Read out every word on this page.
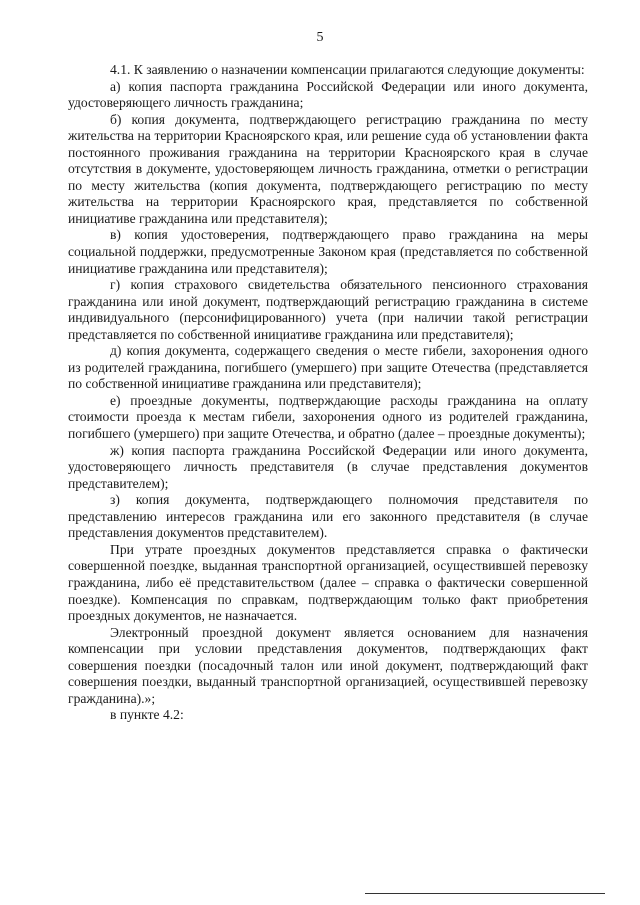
5

4.1. К заявлению о назначении компенсации прилагаются следующие документы:

а) копия паспорта гражданина Российской Федерации или иного документа, удостоверяющего личность гражданина;

б) копия документа, подтверждающего регистрацию гражданина по месту жительства на территории Красноярского края, или решение суда об установлении факта постоянного проживания гражданина на территории Красноярского края в случае отсутствия в документе, удостоверяющем личность гражданина, отметки о регистрации по месту жительства (копия документа, подтверждающего регистрацию по месту жительства на территории Красноярского края, представляется по собственной инициативе гражданина или представителя);

в) копия удостоверения, подтверждающего право гражданина на меры социальной поддержки, предусмотренные Законом края (представляется по собственной инициативе гражданина или представителя);

г) копия страхового свидетельства обязательного пенсионного страхования гражданина или иной документ, подтверждающий регистрацию гражданина в системе индивидуального (персонифицированного) учета (при наличии такой регистрации представляется по собственной инициативе гражданина или представителя);

д) копия документа, содержащего сведения о месте гибели, захоронения одного из родителей гражданина, погибшего (умершего) при защите Отечества (представляется по собственной инициативе гражданина или представителя);

е) проездные документы, подтверждающие расходы гражданина на оплату стоимости проезда к местам гибели, захоронения одного из родителей гражданина, погибшего (умершего) при защите Отечества, и обратно (далее – проездные документы);

ж) копия паспорта гражданина Российской Федерации или иного документа, удостоверяющего личность представителя (в случае представления документов представителем);

з) копия документа, подтверждающего полномочия представителя по представлению интересов гражданина или его законного представителя (в случае представления документов представителем).

При утрате проездных документов представляется справка о фактически совершенной поездке, выданная транспортной организацией, осуществившей перевозку гражданина, либо её представительством (далее – справка о фактически совершенной поездке). Компенсация по справкам, подтверждающим только факт приобретения проездных документов, не назначается.

Электронный проездной документ является основанием для назначения компенсации при условии представления документов, подтверждающих факт совершения поездки (посадочный талон или иной документ, подтверждающий факт совершения поездки, выданный транспортной организацией, осуществившей перевозку гражданина).»;

в пункте 4.2:
